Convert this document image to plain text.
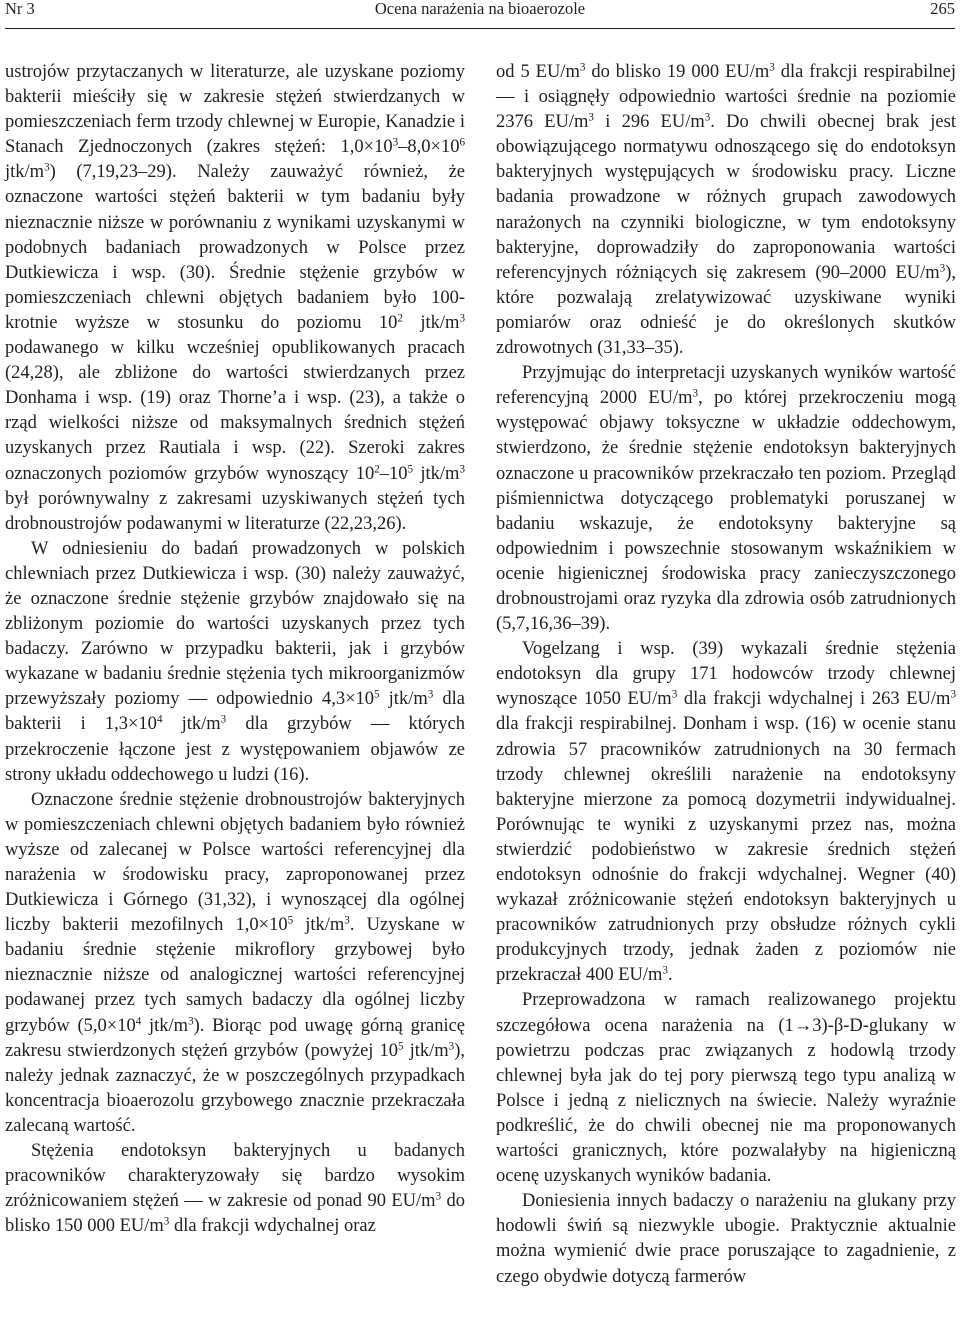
Nr 3	Ocena narażenia na bioaerozole	265

ustrojów przytaczanych w literaturze, ale uzyskane poziomy bakterii mieściły się w zakresie stężeń stwierdzanych w pomieszczeniach ferm trzody chlewnej w Europie, Kanadzie i Stanach Zjednoczonych (zakres stężeń: $1,0\times 10^3-8,0\times 10^6$ jtk/$m^3$) (7,19,23–29). Należy zauważyć również, że oznaczone wartości stężeń bakterii w tym badaniu były nieznacznie niższe w porównaniu z wynikami uzyskanymi w podobnych badaniach prowadzonych w Polsce przez Dutkiewicza i wsp. (30). Średnie stężenie grzybów w pomieszczeniach chlewni objętych badaniem było 100-krotnie wyższe w stosunku do poziomu $10^2$ jtk/$m^3$ podawanego w kilku wcześniej opublikowanych pracach (24,28), ale zbliżone do wartości stwierdzanych przez Donhama i wsp. (19) oraz Thorne’a i wsp. (23), a także o rząd wielkości niższe od maksymalnych średnich stężeń uzyskanych przez Rautiala i wsp. (22). Szeroki zakres oznaczonych poziomów grzybów wynoszący $10^2-10^5$ jtk/$m^3$ był porównywalny z zakresami uzyskiwanych stężeń tych drobnoustrojów podawanymi w literaturze (22,23,26).

W odniesieniu do badań prowadzonych w polskich chlewniach przez Dutkiewicza i wsp. (30) należy zauważyć, że oznaczone średnie stężenie grzybów znajdowało się na zbliżonym poziomie do wartości uzyskanych przez tych badaczy. Zarówno w przypadku bakterii, jak i grzybów wykazane w badaniu średnie stężenia tych mikroorganizmów przewyższały poziomy — odpowiednio $4,3\times 10^5$ jtk/$m^3$ dla bakterii i $1,3\times 10^4$ jtk/$m^3$ dla grzybów — których przekroczenie łączone jest z występowaniem objawów ze strony układu oddechowego u ludzi (16).

Oznaczone średnie stężenie drobnoustrojów bakteryjnych w pomieszczeniach chlewni objętych badaniem było również wyższe od zalecanej w Polsce wartości referencyjnej dla narażenia w środowisku pracy, zaproponowanej przez Dutkiewicza i Górnego (31,32), i wynoszącej dla ogólnej liczby bakterii mezofilnych $1,0\times 10^5$ jtk/$m^3$. Uzyskane w badaniu średnie stężenie mikroflory grzybowej było nieznacznie niższe od analogicznej wartości referencyjnej podawanej przez tych samych badaczy dla ogólnej liczby grzybów ($5,0\times 10^4$ jtk/$m^3$). Biorąc pod uwagę górną granicę zakresu stwierdzonych stężeń grzybów (powyżej $10^5$ jtk/$m^3$), należy jednak zaznaczyć, że w poszczególnych przypadkach koncentracja bioaerozolu grzybowego znacznie przekraczała zalecaną wartość.

Stężenia endotoksyn bakteryjnych u badanych pracowników charakteryzowały się bardzo wysokim zróżnicowaniem stężeń — w zakresie od ponad 90 $EU/m^3$ do blisko 150 000 $EU/m^3$ dla frakcji wdychalnej oraz

od 5 $EU/m^3$ do blisko 19 000 $EU/m^3$ dla frakcji respirabilnej — i osiągnęły odpowiednio wartości średnie na poziomie 2376 $EU/m^3$ i 296 $EU/m^3$. Do chwili obecnej brak jest obowiązującego normatywu odnoszącego się do endotoksyn bakteryjnych występujących w środowisku pracy. Liczne badania prowadzone w różnych grupach zawodowych narażonych na czynniki biologiczne, w tym endotoksyny bakteryjne, doprowadziły do zaproponowania wartości referencyjnych różniących się zakresem (90–2000 $EU/m^3$), które pozwalają zrelatywizować uzyskiwane wyniki pomiarów oraz odnieść je do określonych skutków zdrowotnych (31,33–35).

Przyjmując do interpretacji uzyskanych wyników wartość referencyjną 2000 $EU/m^3$, po której przekroczeniu mogą występować objawy toksyczne w układzie oddechowym, stwierdzono, że średnie stężenie endotoksyn bakteryjnych oznaczone u pracowników przekraczało ten poziom. Przegląd piśmiennictwa dotyczącego problematyki poruszanej w badaniu wskazuje, że endotoksyny bakteryjne są odpowiednim i powszechnie stosowanym wskaźnikiem w ocenie higienicznej środowiska pracy zanieczyszczonego drobnoustrojami oraz ryzyka dla zdrowia osób zatrudnionych (5,7,16,36–39).

Vogelzang i wsp. (39) wykazali średnie stężenia endotoksyn dla grupy 171 hodowców trzody chlewnej wynoszące 1050 $EU/m^3$ dla frakcji wdychalnej i 263 $EU/m^3$ dla frakcji respirabilnej. Donham i wsp. (16) w ocenie stanu zdrowia 57 pracowników zatrudnionych na 30 fermach trzody chlewnej określili narażenie na endotoksyny bakteryjne mierzone za pomocą dozymetrii indywidualnej. Porównując te wyniki z uzyskanymi przez nas, można stwierdzić podobieństwo w zakresie średnich stężeń endotoksyn odnośnie do frakcji wdychalnej. Wegner (40) wykazał zróżnicowanie stężeń endotoksyn bakteryjnych u pracowników zatrudnionych przy obsłudze różnych cykli produkcyjnych trzody, jednak żaden z poziomów nie przekraczał 400 $EU/m^3$.

Przeprowadzona w ramach realizowanego projektu szczegółowa ocena narażenia na (1→3)-β-D-glukany w powietrzu podczas prac związanych z hodowlą trzody chlewnej była jak do tej pory pierwszą tego typu analizą w Polsce i jedną z nielicznych na świecie. Należy wyraźnie podkreślić, że do chwili obecnej nie ma proponowanych wartości granicznych, które pozwalałyby na higieniczną ocenę uzyskanych wyników badania.

Doniesienia innych badaczy o narażeniu na glukany przy hodowli świń są niezwykle ubogie. Praktycznie aktualnie można wymienić dwie prace poruszające to zagadnienie, z czego obydwie dotyczą farmerów
